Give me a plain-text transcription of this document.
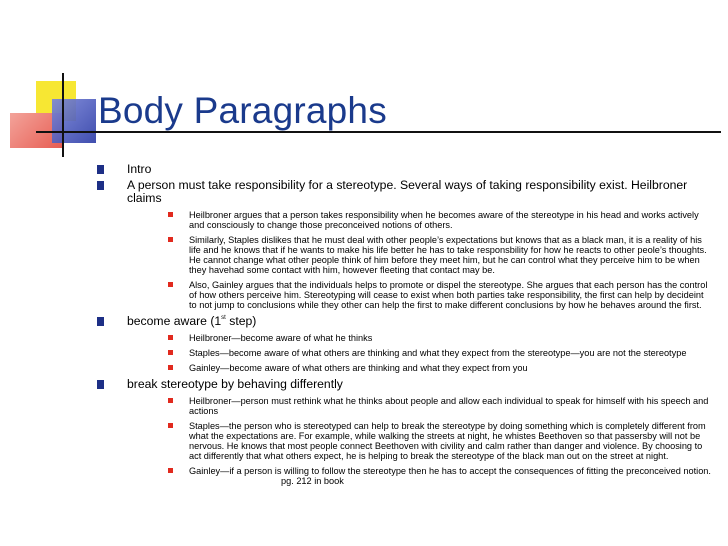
Body Paragraphs
Intro
A person must take responsibility for a stereotype. Several ways of taking responsibility exist. Heilbroner claims
Heilbroner argues that a person takes responsibility when he becomes aware of the stereotype in his head and works actively and consciously to change those preconceived notions of others.
Similarly, Staples dislikes that he must deal with other people’s expectations but knows that as a black man, it is a reality of his life and he knows that if he wants to make his life better he has to take responsbility for how he reacts to other peole’s thoughts. He cannot change what other people think of him before they meet him, but he can control what they perceive him to be when they havehad some contact with him, however fleeting that contact may be.
Also, Gainley argues that the individuals helps to promote or dispel the stereotype. She argues that each person has the control of how others perceive him. Stereotyping will cease to exist when both parties take responsibility, the first can help by decideint to not jump to conclusions while they other can help the first to make different conclusions by how he behaves around the first.
become aware (1st step)
Heilbroner—become aware of what he thinks
Staples—become aware of what others are thinking and what they expect from the stereotype—you are not the stereotype
Gainley—become aware of what others are thinking and what they expect from you
break stereotype by behaving differently
Heilbroner—person must rethink what he thinks about people and allow each individual to speak for himself with his speech and actions
Staples—the person who is stereotyped can help to break the stereotype by doing something which is completely different from what the expectations are. For example, while walking the streets at night, he whistes Beethoven so that passersby will not be nervous. He knows that most people connect Beethoven with civility and calm rather than danger and violence. By choosing to act differently that what others expect, he is helping to break the stereotype of the black man out on the street at night.
Gainley—if a person is willing to follow the stereotype then he has to accept the consequences of fitting the preconceived notion.pg. 212 in book
